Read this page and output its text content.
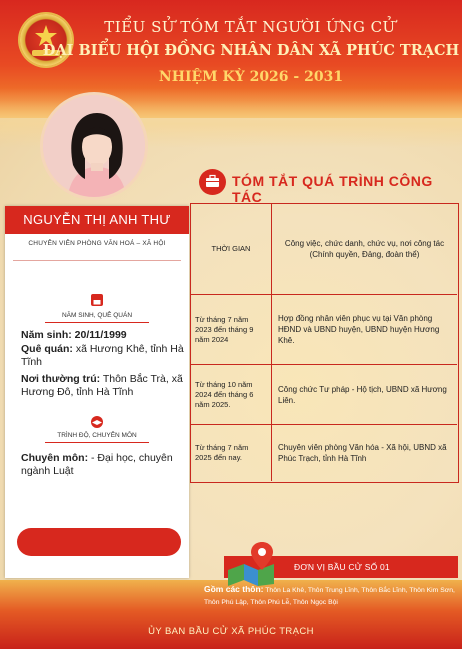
TIỂU SỬ TÓM TẮT NGƯỜI ỨNG CỬ
ĐẠI BIỂU HỘI ĐỒNG NHÂN DÂN XÃ PHÚC TRẠCH
NHIỆM KỲ 2026 - 2031
NGUYỄN THỊ ANH THƯ
CHUYÊN VIÊN PHÒNG VĂN HOÁ – XÃ HỘI
NĂM SINH, QUÊ QUÁN
Năm sinh: 20/11/1999
Quê quán: xã Hương Khê, tỉnh Hà Tĩnh
Nơi thường trú: Thôn Bắc Trà, xã Hương Đô, tỉnh Hà Tĩnh
TRÌNH ĐỘ, CHUYÊN MÔN
Chuyên môn: - Đại học, chuyên ngành Luật
TÓM TẮT QUÁ TRÌNH CÔNG TÁC
THỜI GIAN
Công việc, chức danh, chức vụ, nơi công tác (Chính quyền, Đảng, đoàn thể)
Từ tháng 7 năm 2023 đến tháng 9 năm 2024
Hợp đồng nhân viên phục vụ tại Văn phòng HĐND và UBND huyện, UBND huyện Hương Khê.
Từ tháng 10 năm 2024 đến tháng 6 năm 2025.
Công chức Tư pháp - Hộ tịch, UBND xã Hương Liên.
Từ tháng 7 năm 2025 đến nay.
Chuyên viên phòng Văn hóa - Xã hội, UBND xã Phúc Trạch, tỉnh Hà Tĩnh
ĐƠN VỊ BẦU CỬ SỐ 01
Gồm các thôn: Thôn La Khê, Thôn Trung Lĩnh, Thôn Bắc Lĩnh, Thôn Kim Sơn, Thôn Phú Lập, Thôn Phú Lễ, Thôn Ngọc Bội
ỦY BAN BẦU CỬ XÃ PHÚC TRẠCH
